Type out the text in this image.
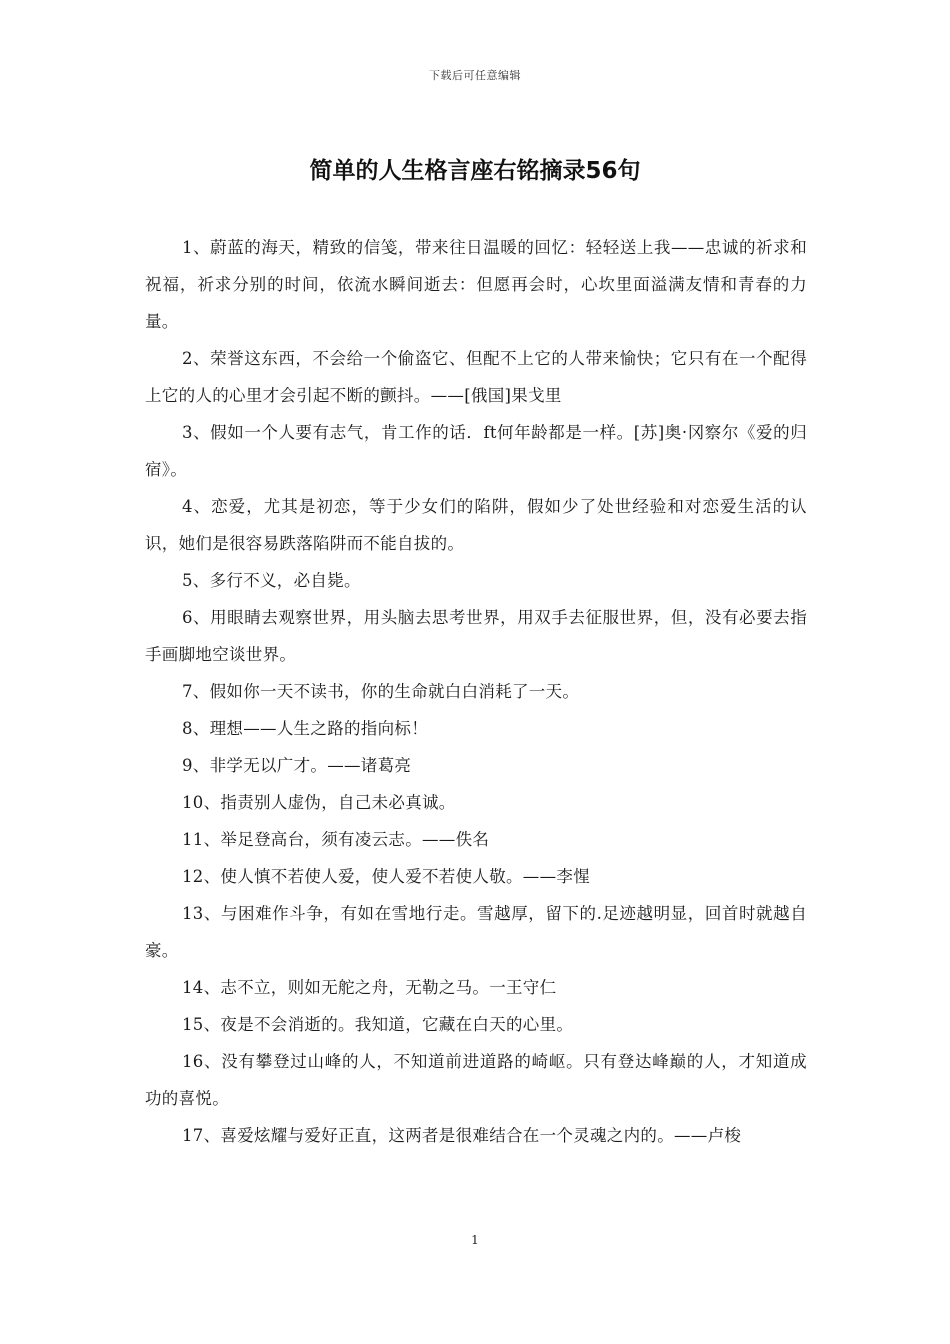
下载后可任意编辑
简单的人生格言座右铭摘录56句

1、蔚蓝的海天，精致的信笺，带来往日温暖的回忆：轻轻送上我——忠诚的祈求和祝福，祈求分别的时间，依流水瞬间逝去：但愿再会时，心坎里面溢满友情和青春的力量。

2、荣誉这东西，不会给一个偷盗它、但配不上它的人带来愉快；它只有在一个配得上它的人的心里才会引起不断的颤抖。——[俄国]果戈里

3、假如一个人要有志气，肯工作的话．ft何年龄都是一样。[苏]奥·冈察尔《爱的归宿》。

4、恋爱，尤其是初恋，等于少女们的陷阱，假如少了处世经验和对恋爱生活的认识，她们是很容易跌落陷阱而不能自拔的。

5、多行不义，必自毙。

6、用眼睛去观察世界，用头脑去思考世界，用双手去征服世界，但，没有必要去指手画脚地空谈世界。

7、假如你一天不读书，你的生命就白白消耗了一天。

8、理想——人生之路的指向标！

9、非学无以广才。——诸葛亮

10、指责别人虚伪，自己未必真诚。

11、举足登高台，须有凌云志。——佚名

12、使人慎不若使人爱，使人爱不若使人敬。——李惺

13、与困难作斗争，有如在雪地行走。雪越厚，留下的.足迹越明显，回首时就越自豪。

14、志不立，则如无舵之舟，无勒之马。一王守仁

15、夜是不会消逝的。我知道，它藏在白天的心里。

16、没有攀登过山峰的人，不知道前进道路的崎岖。只有登达峰巅的人，才知道成功的喜悦。

17、喜爱炫耀与爱好正直，这两者是很难结合在一个灵魂之内的。——卢梭

1
